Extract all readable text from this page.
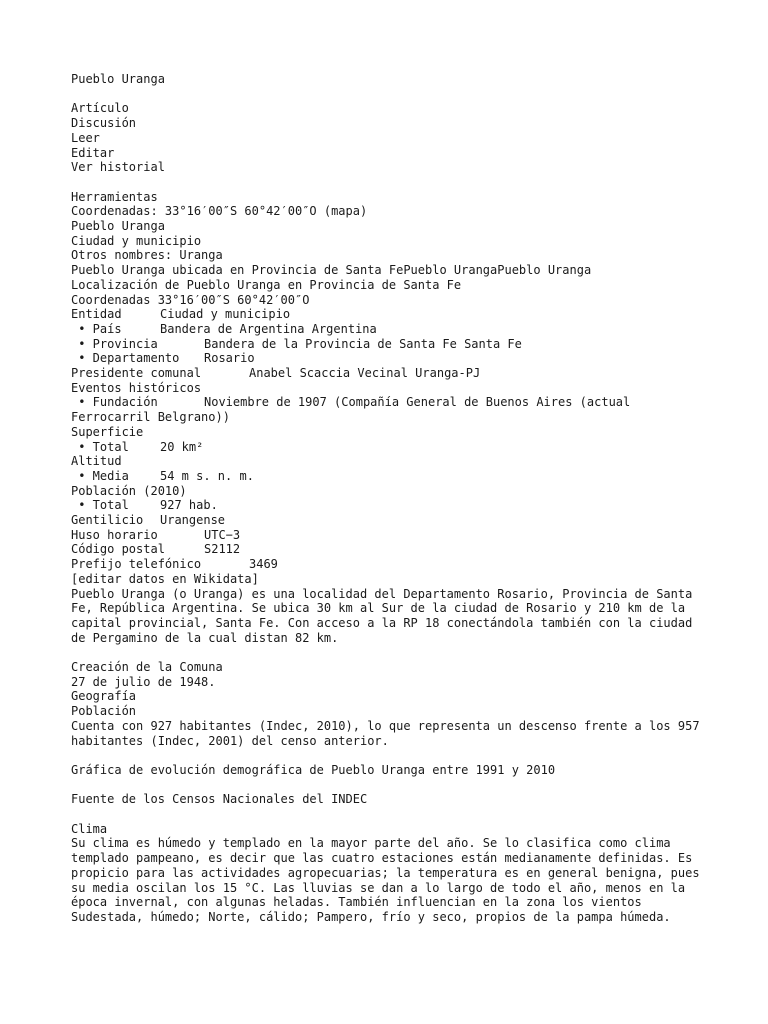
Pueblo Uranga
Artículo
Discusión
Leer
Editar
Ver historial
Herramientas
Coordenadas: 33°16′00″S 60°42′00″O (mapa)
Pueblo Uranga
Ciudad y municipio
Otros nombres: Uranga
Pueblo Uranga ubicada en Provincia de Santa FePueblo UrangaPueblo Uranga
Localización de Pueblo Uranga en Provincia de Santa Fe
Coordenadas 33°16′00″S 60°42′00″O
Entidad	Ciudad y municipio
• País	Bandera de Argentina Argentina
• Provincia	Bandera de la Provincia de Santa Fe Santa Fe
• Departamento Rosario
Presidente comunal	Anabel Scaccia Vecinal Uranga-PJ
Eventos históricos
• Fundación	Noviembre de 1907 (Compañía General de Buenos Aires (actual
Ferrocarril Belgrano))
Superficie
• Total	20 km²
Altitud
• Media	54 m s. n. m.
Población (2010)
• Total	927 hab.
Gentilicio Urangense
Huso horario	UTC−3
Código postal	S2112
Prefijo telefónico	3469
[editar datos en Wikidata]
Pueblo Uranga (o Uranga) es una localidad del Departamento Rosario, Provincia de Santa Fe, República Argentina. Se ubica 30 km al Sur de la ciudad de Rosario y 210 km de la capital provincial, Santa Fe. Con acceso a la RP 18 conectándola también con la ciudad de Pergamino de la cual distan 82 km.
Creación de la Comuna
27 de julio de 1948.
Geografía
Población
Cuenta con 927 habitantes (Indec, 2010), lo que representa un descenso frente a los 957 habitantes (Indec, 2001) del censo anterior.
Gráfica de evolución demográfica de Pueblo Uranga entre 1991 y 2010
Fuente de los Censos Nacionales del INDEC
Clima
Su clima es húmedo y templado en la mayor parte del año. Se lo clasifica como clima templado pampeano, es decir que las cuatro estaciones están medianamente definidas. Es propicio para las actividades agropecuarias; la temperatura es en general benigna, pues su media oscilan los 15 °C. Las lluvias se dan a lo largo de todo el año, menos en la época invernal, con algunas heladas. También influencian en la zona los vientos Sudestada, húmedo; Norte, cálido; Pampero, frío y seco, propios de la pampa húmeda.
